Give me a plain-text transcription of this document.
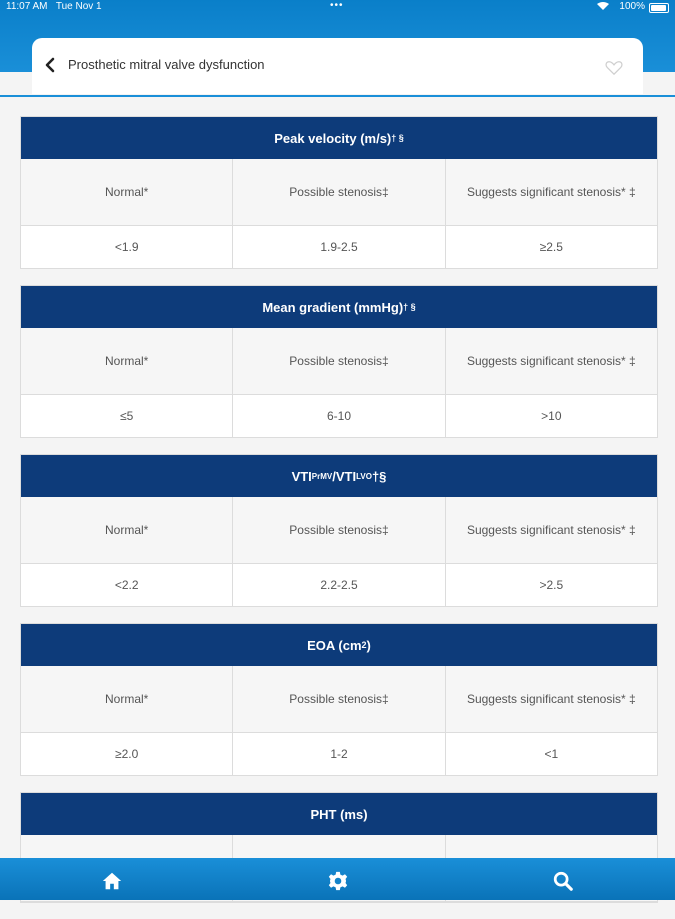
11:07 AM Tue Nov 1	•••	100%
Prosthetic mitral valve dysfunction
Peak velocity (m/s) † §
Normal*	Possible stenosis‡	Suggests significant stenosis* ‡
<1.9	1.9-2.5	≥2.5
Mean gradient (mmHg) † §
Normal*	Possible stenosis‡	Suggests significant stenosis* ‡
≤5	6-10	>10
VTI PrMV /VTI LVO †§
Normal*	Possible stenosis‡	Suggests significant stenosis* ‡
<2.2	2.2-2.5	>2.5
EOA (cm 2 )
Normal*	Possible stenosis‡	Suggests significant stenosis* ‡
≥2.0	1-2	<1
PHT (ms)
